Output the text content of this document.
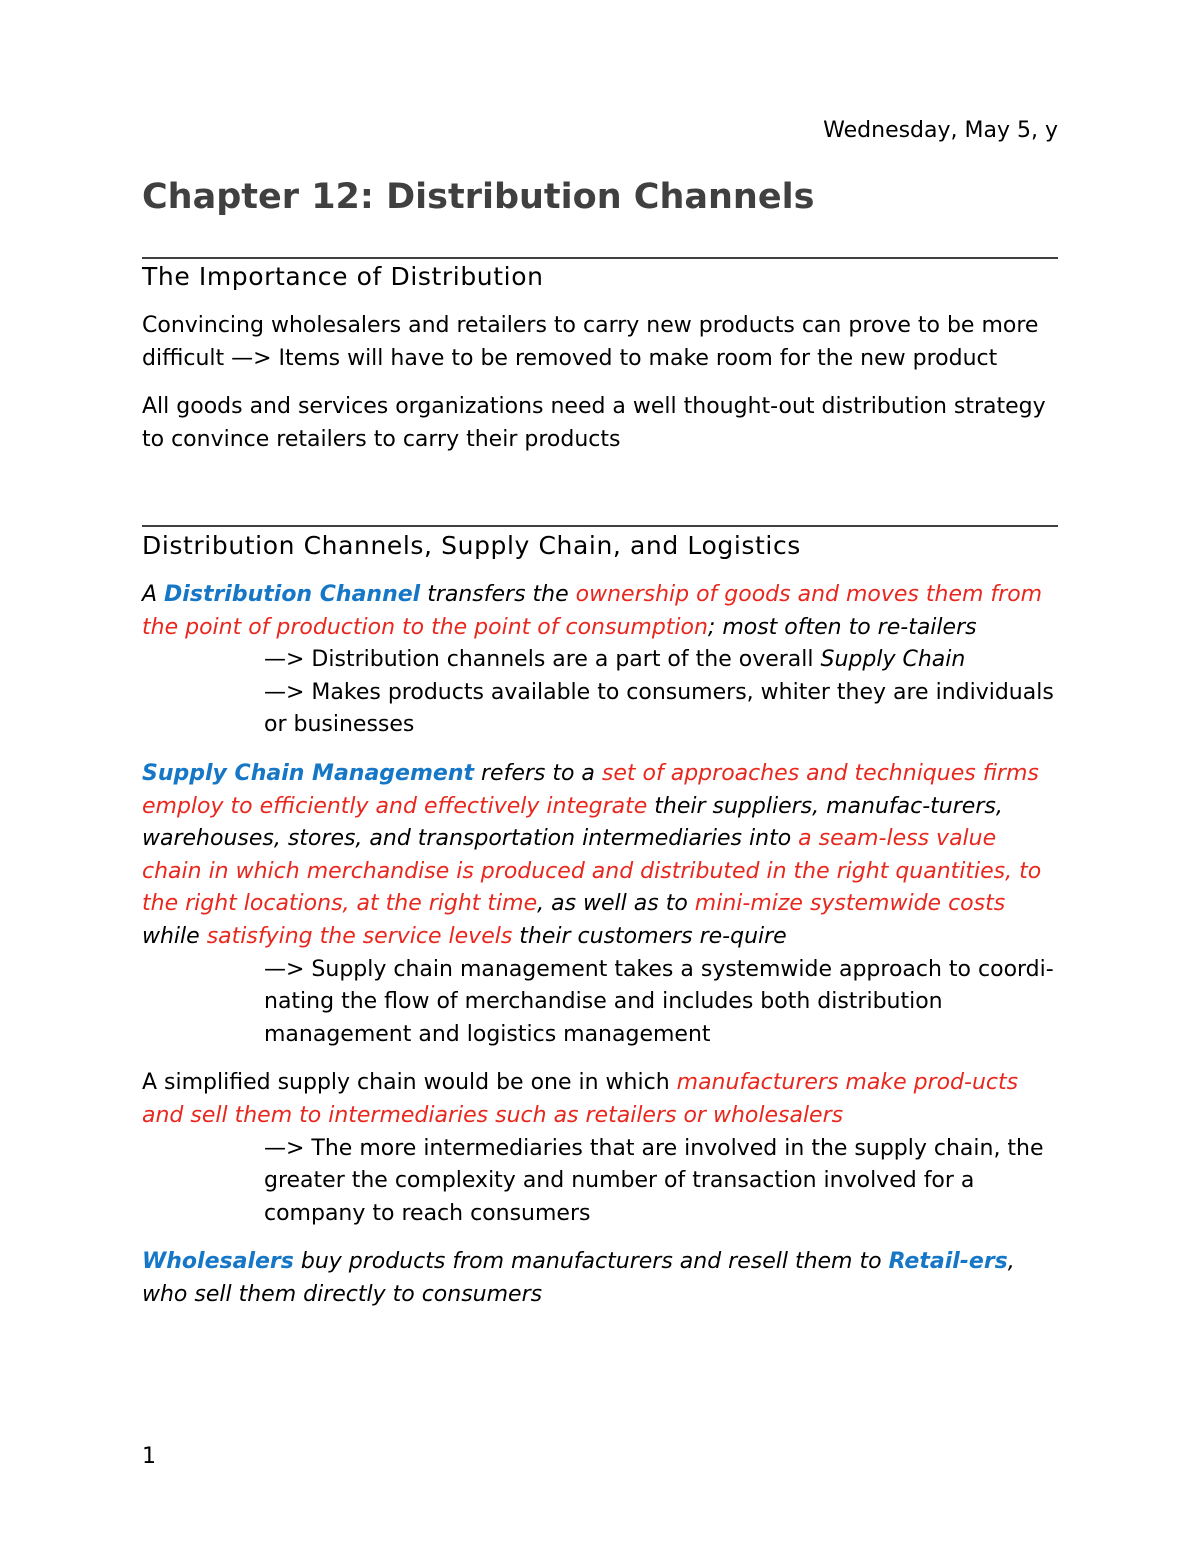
Wednesday, May 5, y
Chapter 12: Distribution Channels
The Importance of Distribution

Convincing wholesalers and retailers to carry new products can prove to be more difficult —> Items will have to be removed to make room for the new product

All goods and services organizations need a well thought-out distribution strategy to convince retailers to carry their products

Distribution Channels, Supply Chain, and Logistics

A Distribution Channel transfers the ownership of goods and moves them from the point of production to the point of consumption; most often to re-tailers

—> Distribution channels are a part of the overall Supply Chain

—> Makes products available to consumers, whiter they are individuals or businesses

Supply Chain Management refers to a set of approaches and techniques firms employ to efficiently and effectively integrate their suppliers, manufac-turers, warehouses, stores, and transportation intermediaries into a seam-less value chain in which merchandise is produced and distributed in the right quantities, to the right locations, at the right time, as well as to mini-mize systemwide costs while satisfying the service levels their customers re-quire

—> Supply chain management takes a systemwide approach to coordi-nating the flow of merchandise and includes both distribution management and logistics management

A simplified supply chain would be one in which manufacturers make prod-ucts and sell them to intermediaries such as retailers or wholesalers

—> The more intermediaries that are involved in the supply chain, the greater the complexity and number of transaction involved for a company to reach consumers

Wholesalers buy products from manufacturers and resell them to Retail-ers, who sell them directly to consumers

1
